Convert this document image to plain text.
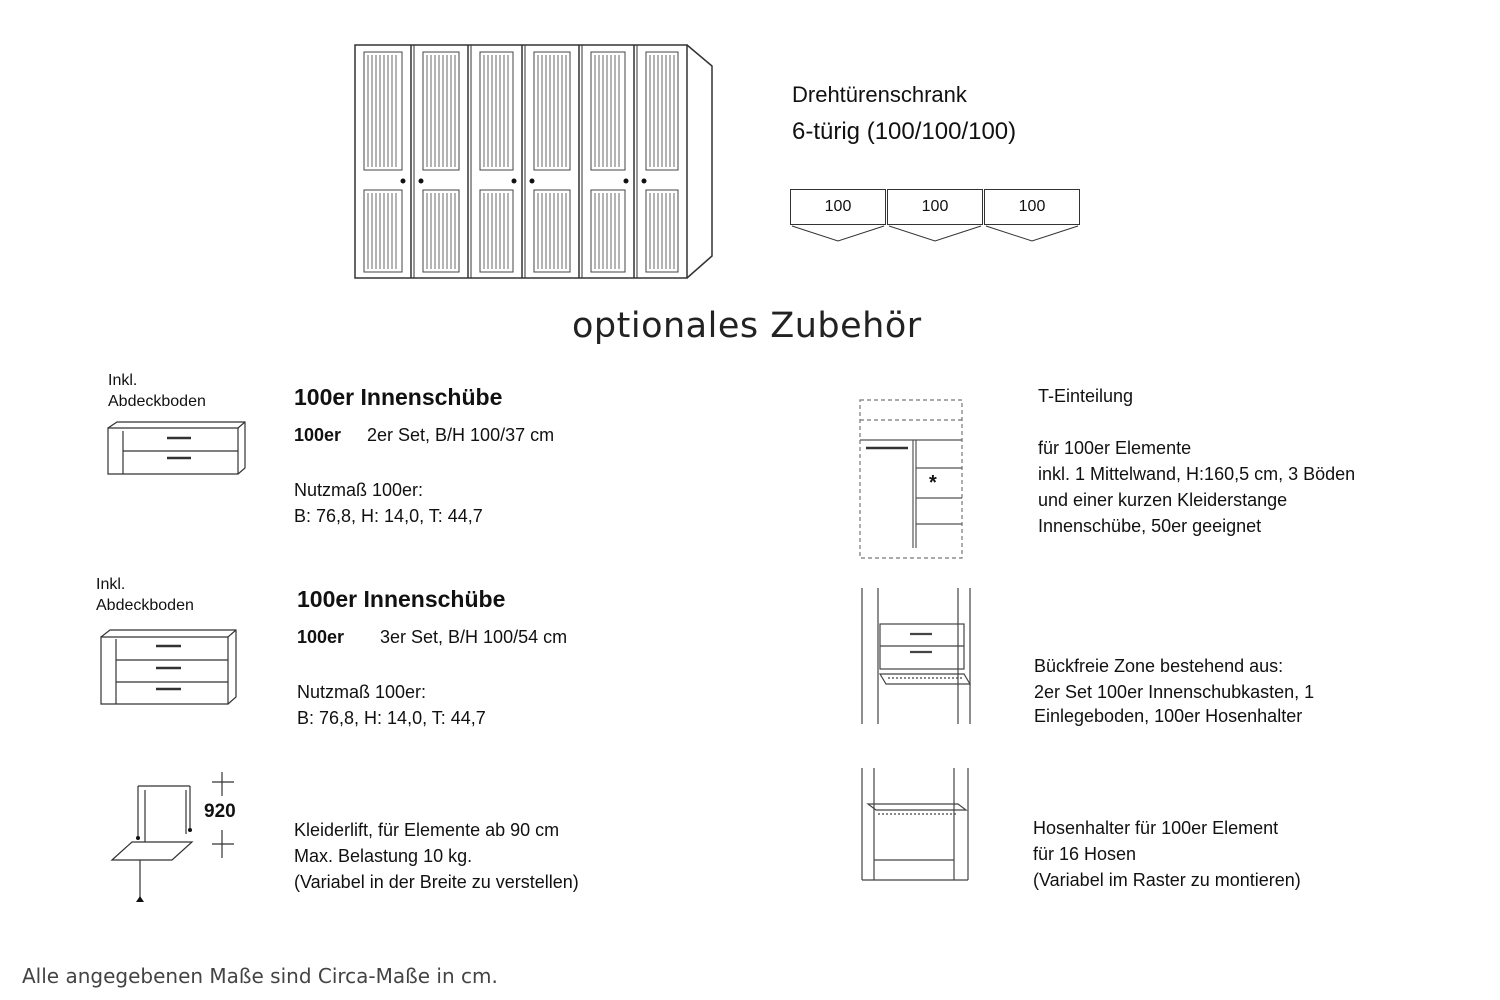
Drehtürenschrank
6-türig (100/100/100)
100	100	100
optionales Zubehör
Inkl.
Abdeckboden	100er Innenschübe
100er 2er Set, B/H 100/37 cm
Nutzmaß 100er:
B: 76,8, H: 14,0, T: 44,7
Inkl.
Abdeckboden	100er Innenschübe
100er 3er Set, B/H 100/54 cm
Nutzmaß 100er:
B: 76,8, H: 14,0, T: 44,7
920
Kleiderlift, für Elemente ab 90 cm
Max. Belastung 10 kg.
(Variabel in der Breite zu verstellen)
*
T-Einteilung
für 100er Elemente
inkl. 1 Mittelwand, H:160,5 cm, 3 Böden
und einer kurzen Kleiderstange
Innenschübe, 50er geeignet
Bückfreie Zone bestehend aus:
2er Set 100er Innenschubkasten, 1
Einlegeboden, 100er Hosenhalter
Hosenhalter für 100er Element
für 16 Hosen
(Variabel im Raster zu montieren)
Alle angegebenen Maße sind Circa-Maße in cm.
